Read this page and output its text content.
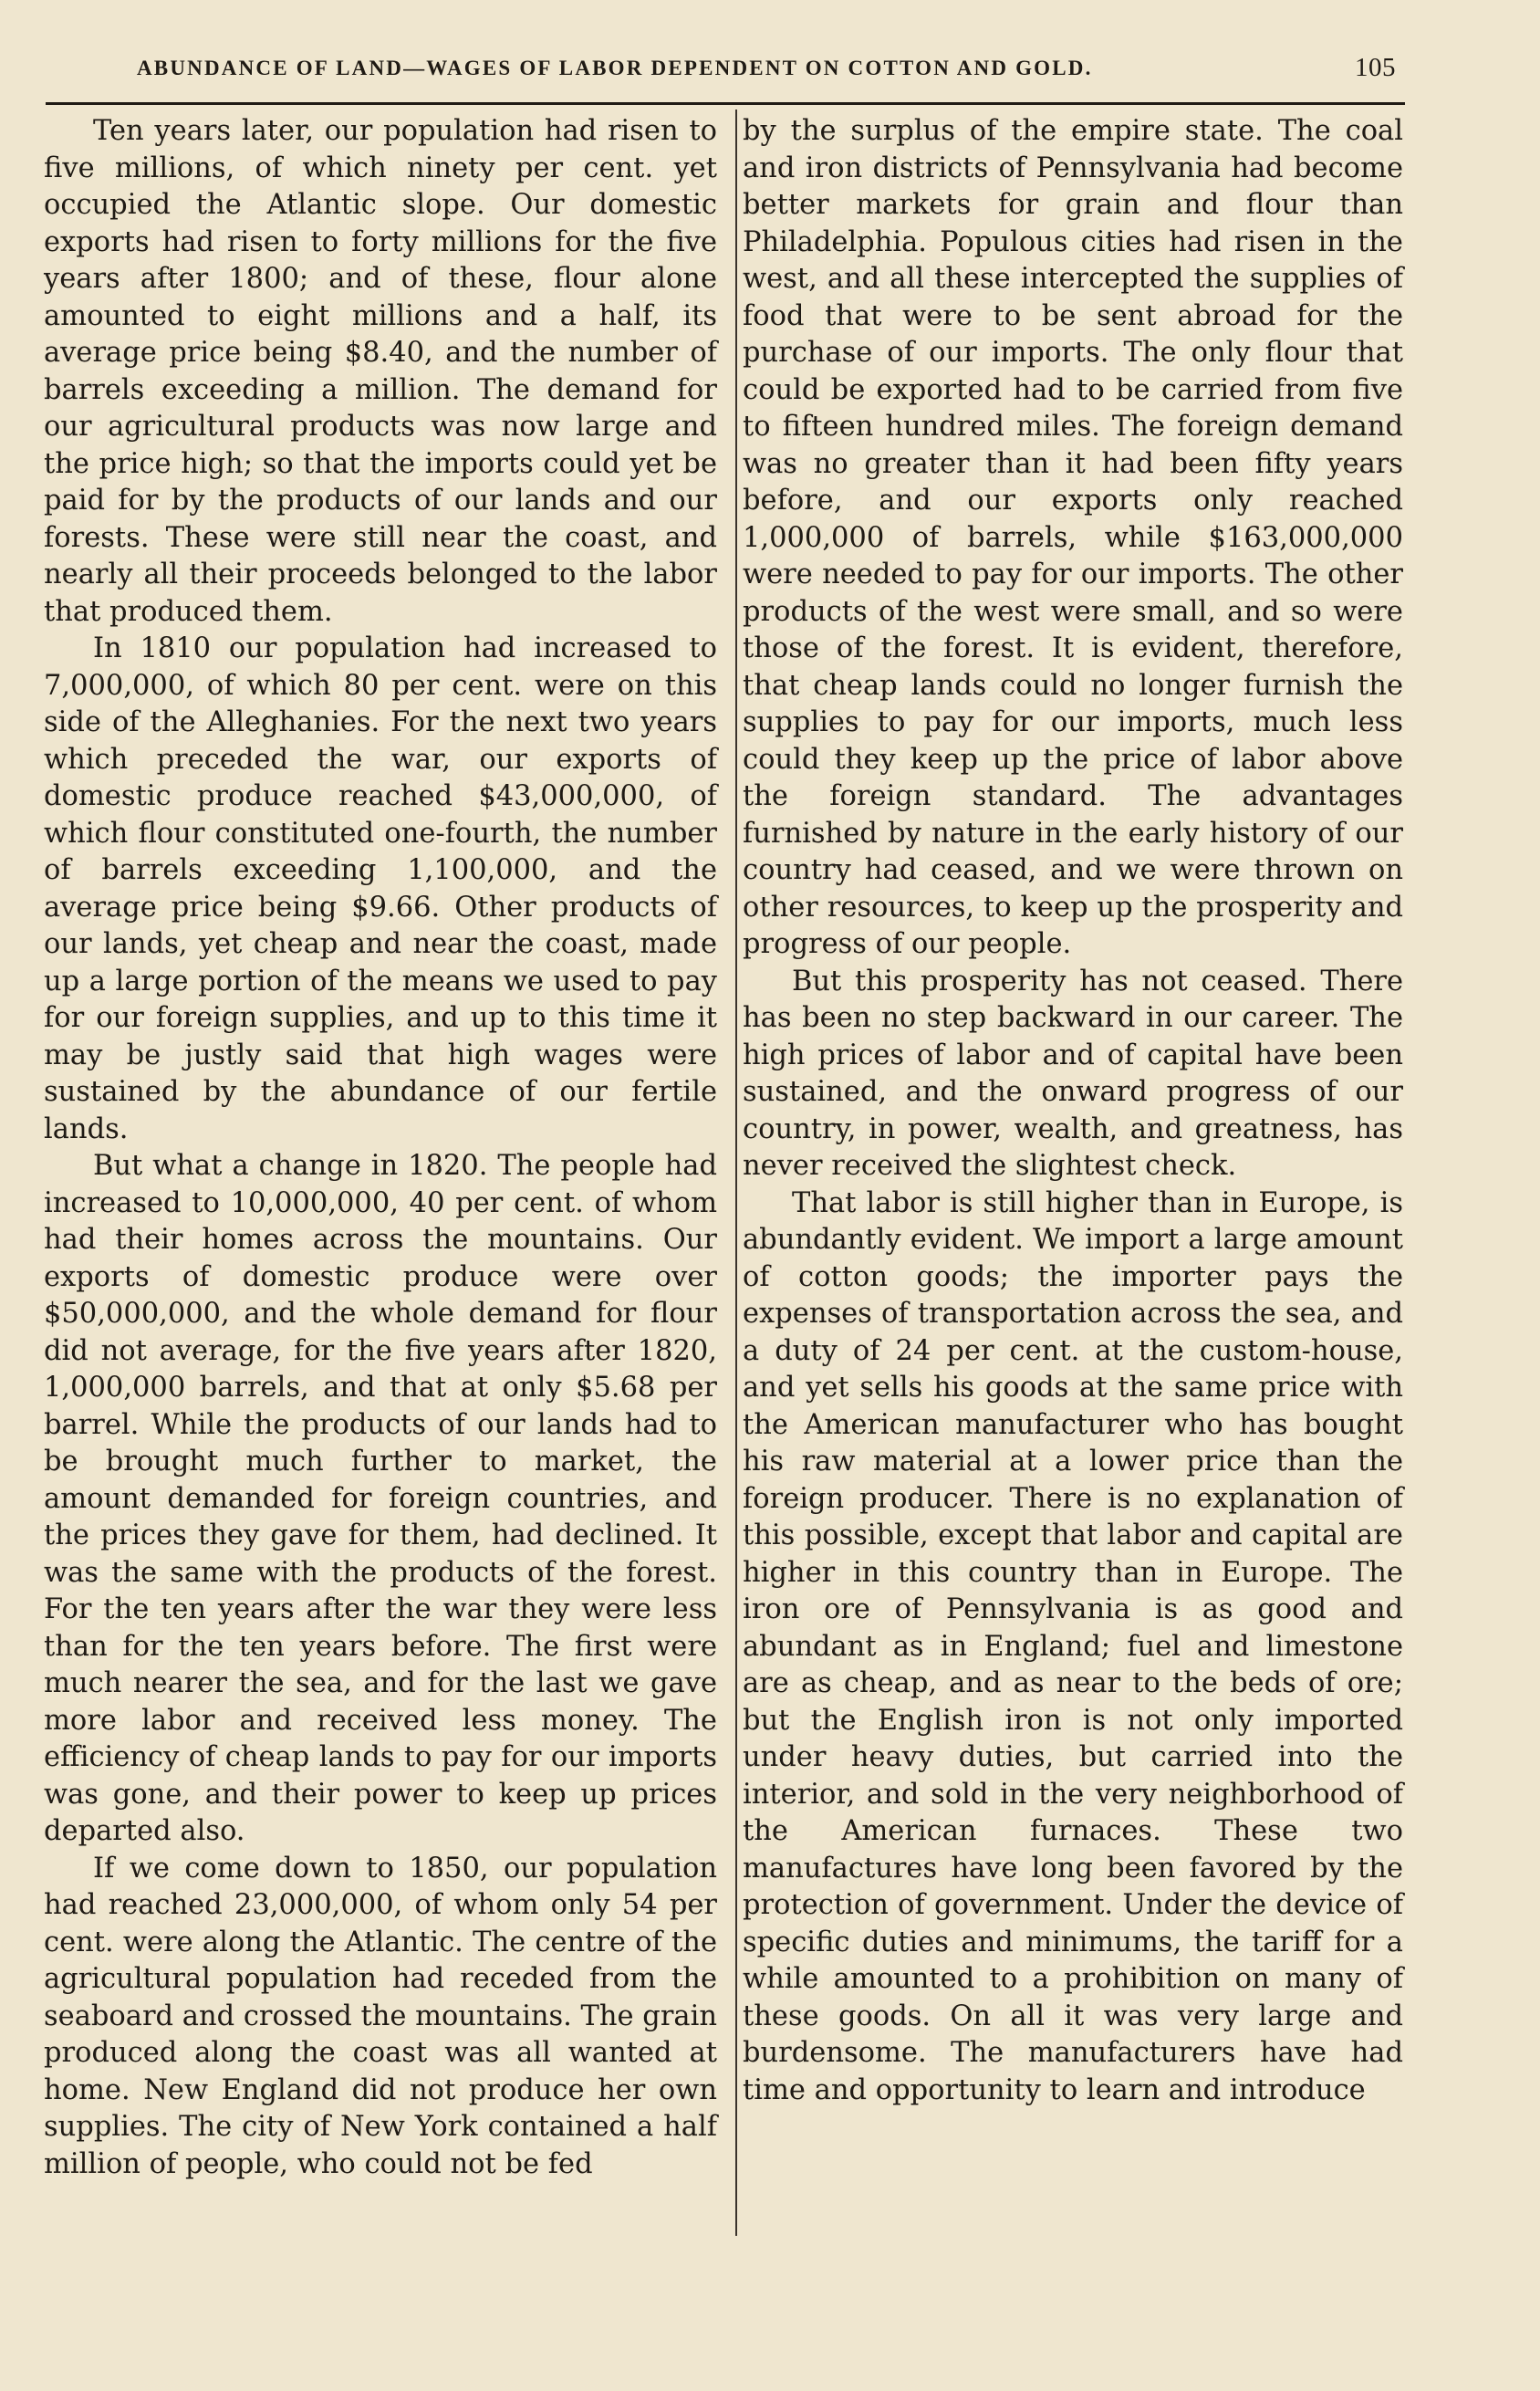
ABUNDANCE OF LAND—WAGES OF LABOR DEPENDENT ON COTTON AND GOLD.	105

Ten years later, our population had risen to five millions, of which ninety per cent. yet occupied the Atlantic slope. Our domestic exports had risen to forty millions for the five years after 1800; and of these, flour alone amounted to eight millions and a half, its average price being $8.40, and the number of barrels exceeding a million. The demand for our agricultural products was now large and the price high; so that the imports could yet be paid for by the products of our lands and our forests. These were still near the coast, and nearly all their proceeds belonged to the labor that produced them.

In 1810 our population had increased to 7,000,000, of which 80 per cent. were on this side of the Alleghanies. For the next two years which preceded the war, our exports of domestic produce reached $43,000,000, of which flour constituted one-fourth, the number of barrels exceeding 1,100,000, and the average price being $9.66. Other products of our lands, yet cheap and near the coast, made up a large portion of the means we used to pay for our foreign supplies, and up to this time it may be justly said that high wages were sustained by the abundance of our fertile lands.

But what a change in 1820. The people had increased to 10,000,000, 40 per cent. of whom had their homes across the mountains. Our exports of domestic produce were over $50,000,000, and the whole demand for flour did not average, for the five years after 1820, 1,000,000 barrels, and that at only $5.68 per barrel. While the products of our lands had to be brought much further to market, the amount demanded for foreign countries, and the prices they gave for them, had declined. It was the same with the products of the forest. For the ten years after the war they were less than for the ten years before. The first were much nearer the sea, and for the last we gave more labor and received less money. The efficiency of cheap lands to pay for our imports was gone, and their power to keep up prices departed also.

If we come down to 1850, our population had reached 23,000,000, of whom only 54 per cent. were along the Atlantic. The centre of the agricultural population had receded from the seaboard and crossed the mountains. The grain produced along the coast was all wanted at home. New England did not produce her own supplies. The city of New York contained a half million of people, who could not be fed

by the surplus of the empire state. The coal and iron districts of Pennsylvania had become better markets for grain and flour than Philadelphia. Populous cities had risen in the west, and all these intercepted the supplies of food that were to be sent abroad for the purchase of our imports. The only flour that could be exported had to be carried from five to fifteen hundred miles. The foreign demand was no greater than it had been fifty years before, and our exports only reached 1,000,000 of barrels, while $163,000,000 were needed to pay for our imports. The other products of the west were small, and so were those of the forest. It is evident, therefore, that cheap lands could no longer furnish the supplies to pay for our imports, much less could they keep up the price of labor above the foreign standard. The advantages furnished by nature in the early history of our country had ceased, and we were thrown on other resources, to keep up the prosperity and progress of our people.

But this prosperity has not ceased. There has been no step backward in our career. The high prices of labor and of capital have been sustained, and the onward progress of our country, in power, wealth, and greatness, has never received the slightest check.

That labor is still higher than in Europe, is abundantly evident. We import a large amount of cotton goods; the importer pays the expenses of transportation across the sea, and a duty of 24 per cent. at the custom-house, and yet sells his goods at the same price with the American manufacturer who has bought his raw material at a lower price than the foreign producer. There is no explanation of this possible, except that labor and capital are higher in this country than in Europe. The iron ore of Pennsylvania is as good and abundant as in England; fuel and limestone are as cheap, and as near to the beds of ore; but the English iron is not only imported under heavy duties, but carried into the interior, and sold in the very neighborhood of the American furnaces. These two manufactures have long been favored by the protection of government. Under the device of specific duties and minimums, the tariff for a while amounted to a prohibition on many of these goods. On all it was very large and burdensome. The manufacturers have had time and opportunity to learn and introduce
